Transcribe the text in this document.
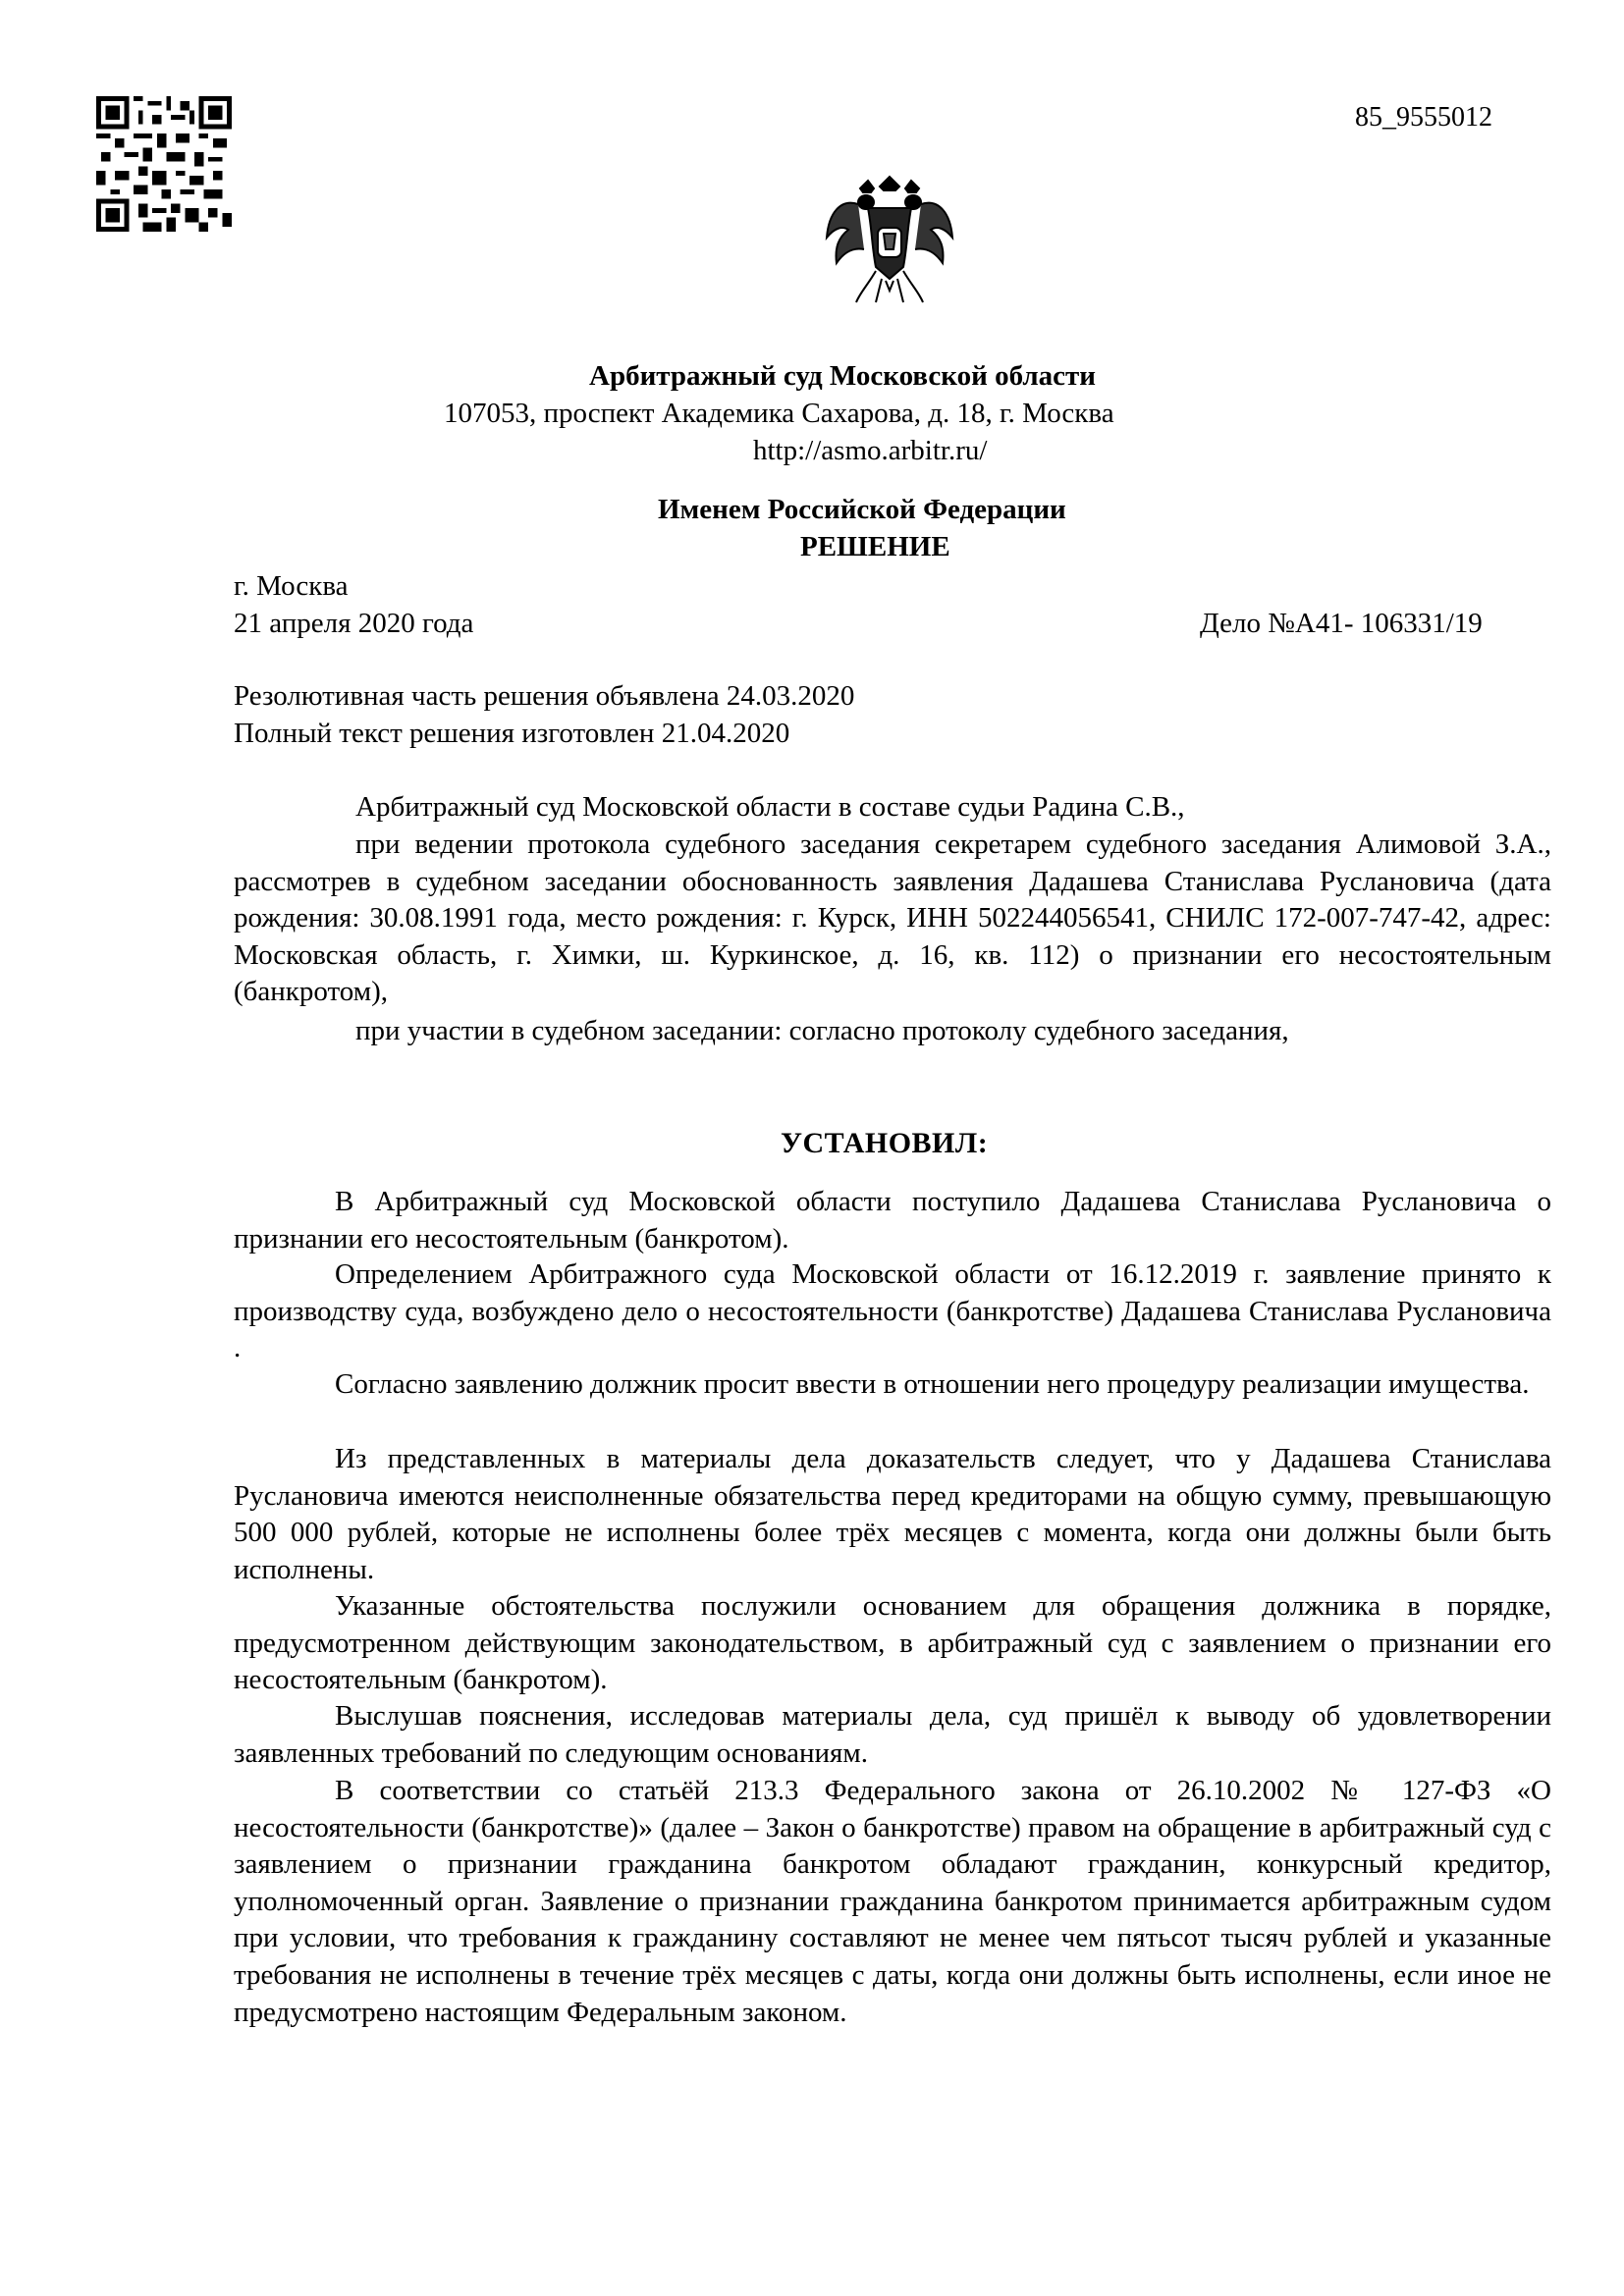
85_9555012
Арбитражный суд Московской области
107053, проспект Академика Сахарова, д. 18, г. Москва
http://asmo.arbitr.ru/
Именем Российской Федерации
РЕШЕНИЕ
г. Москва
21 апреля 2020 года	Дело №А41- 106331/19
Резолютивная часть решения объявлена 24.03.2020
Полный текст решения изготовлен 21.04.2020
Арбитражный суд Московской области в составе судьи Радина С.В.,
при ведении протокола судебного заседания секретарем судебного заседания Алимовой З.А., рассмотрев в судебном заседании обоснованность заявления Дадашева Станислава Руслановича (дата рождения: 30.08.1991 года, место рождения: г. Курск, ИНН 502244056541, СНИЛС 172-007-747-42, адрес: Московская область, г. Химки, ш. Куркинское, д. 16, кв. 112) о признании его несостоятельным (банкротом),
при участии в судебном заседании: согласно протоколу судебного заседания,
УСТАНОВИЛ:
В Арбитражный суд Московской области поступило Дадашева Станислава Руслановича о признании его несостоятельным (банкротом).
Определением Арбитражного суда Московской области от 16.12.2019 г. заявление принято к производству суда, возбуждено дело о несостоятельности (банкротстве) Дадашева Станислава Руслановича .
Согласно заявлению должник просит ввести в отношении него процедуру реализации имущества.
Из представленных в материалы дела доказательств следует, что у Дадашева Станислава Руслановича имеются неисполненные обязательства перед кредиторами на общую сумму, превышающую 500 000 рублей, которые не исполнены более трёх месяцев с момента, когда они должны были быть исполнены.
Указанные обстоятельства послужили основанием для обращения должника в порядке, предусмотренном действующим законодательством, в арбитражный суд с заявлением о признании его несостоятельным (банкротом).
Выслушав пояснения, исследовав материалы дела, суд пришёл к выводу об удовлетворении заявленных требований по следующим основаниям.
В соответствии со статьёй 213.3 Федерального закона от 26.10.2002 № 127-ФЗ «О несостоятельности (банкротстве)» (далее – Закон о банкротстве) правом на обращение в арбитражный суд с заявлением о признании гражданина банкротом обладают гражданин, конкурсный кредитор, уполномоченный орган. Заявление о признании гражданина банкротом принимается арбитражным судом при условии, что требования к гражданину составляют не менее чем пятьсот тысяч рублей и указанные требования не исполнены в течение трёх месяцев с даты, когда они должны быть исполнены, если иное не предусмотрено настоящим Федеральным законом.
